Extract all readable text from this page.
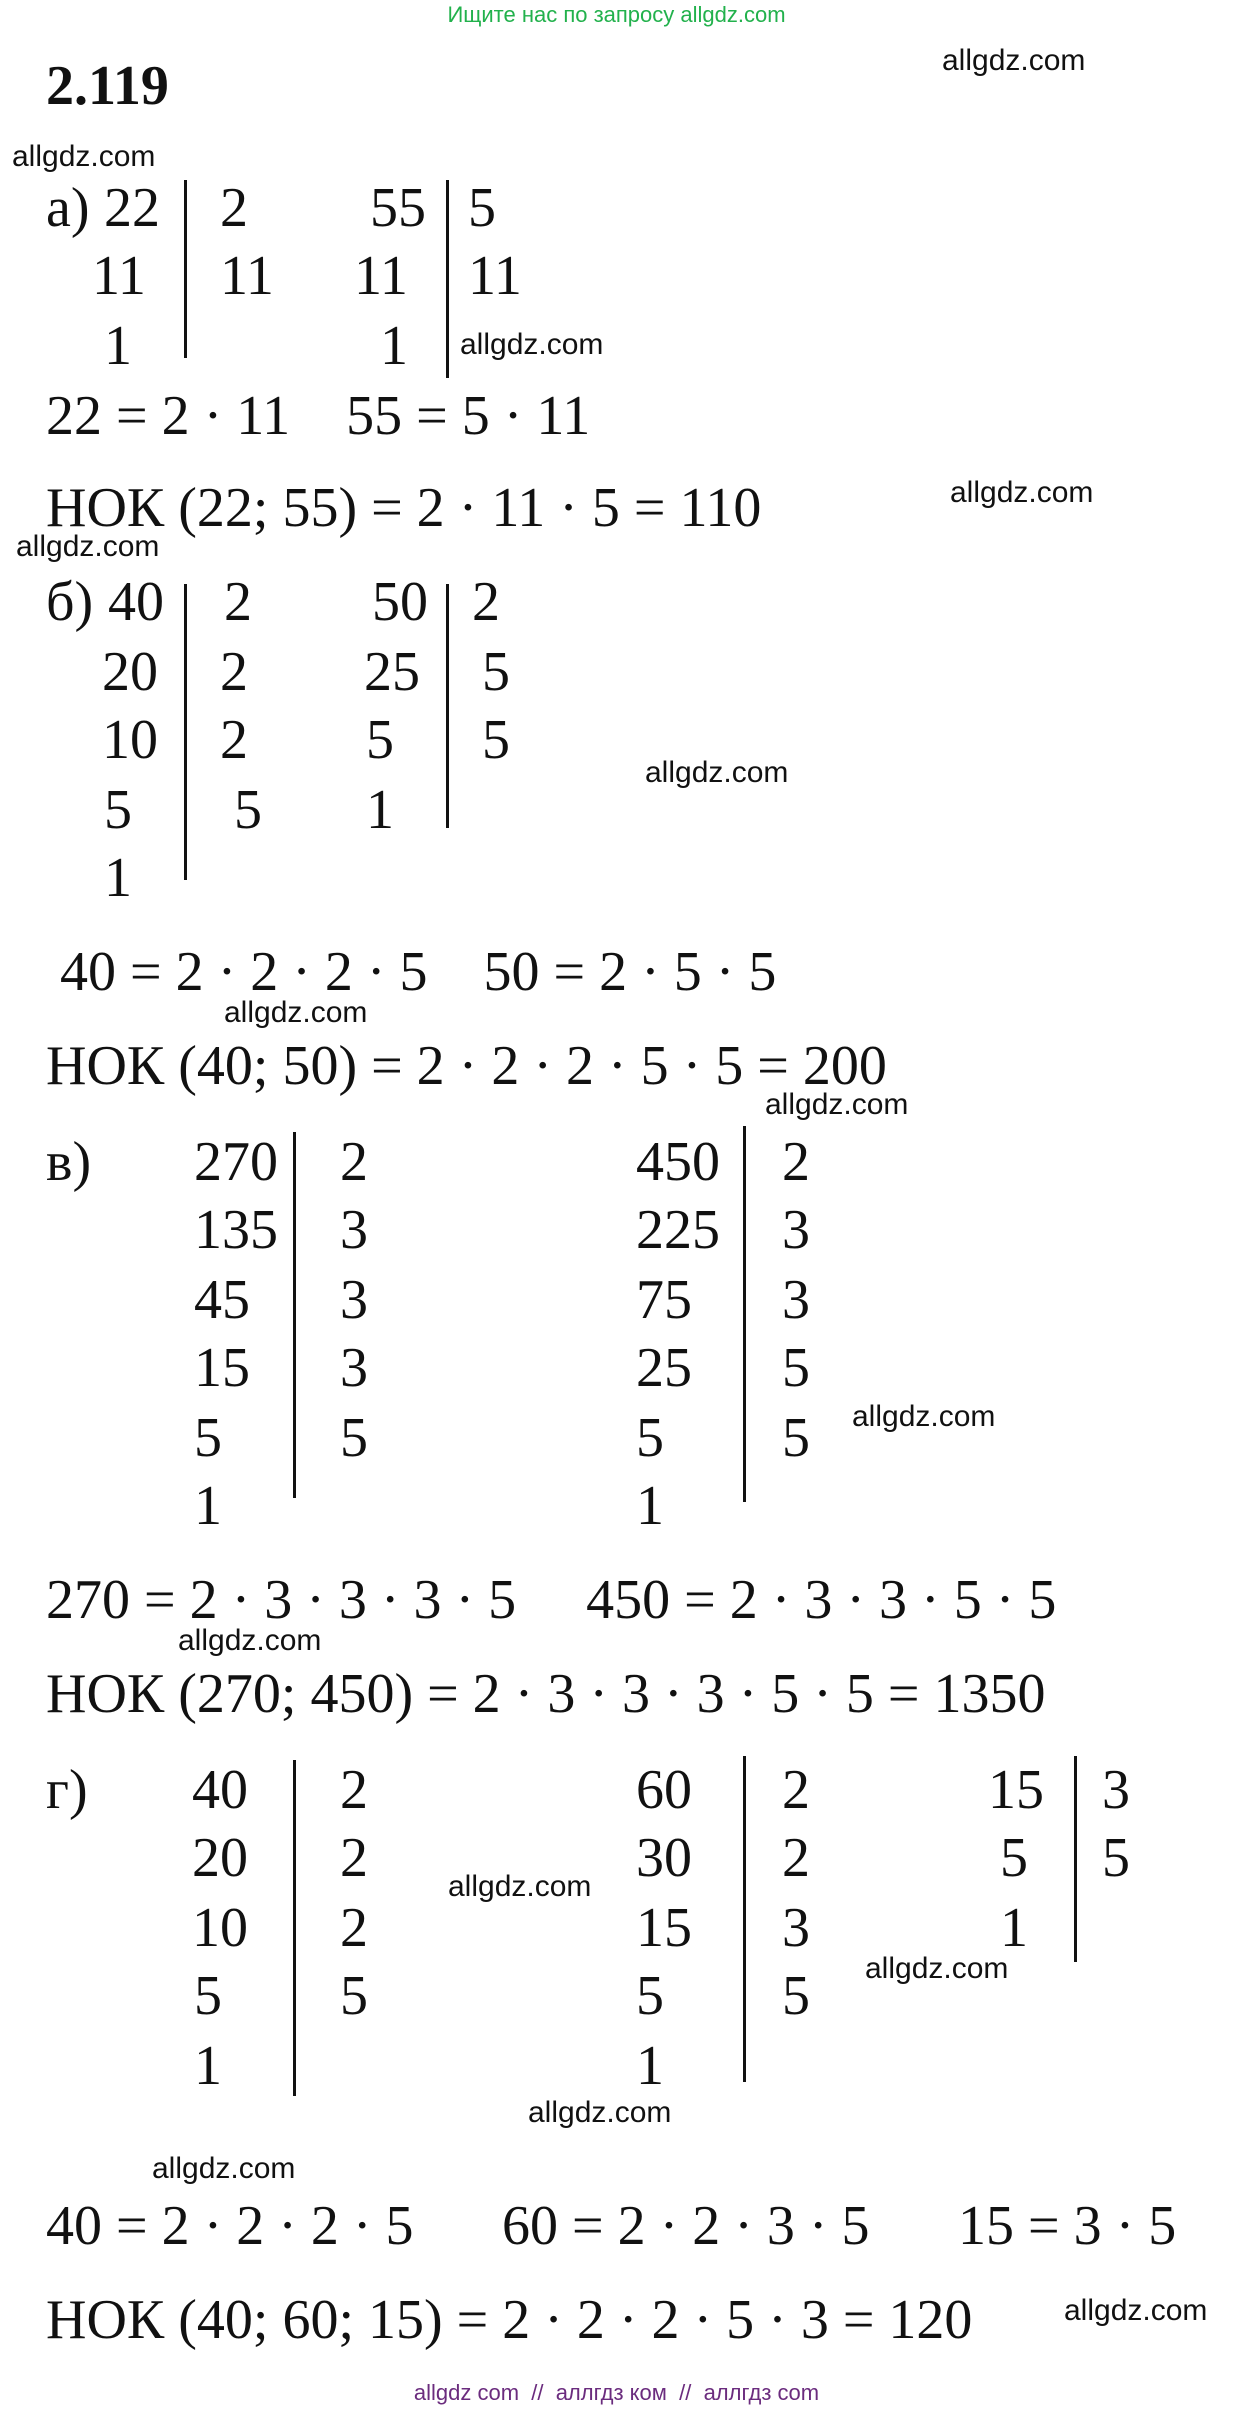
Ищите нас по запросу allgdz.com
2.119	allgdz.com
allgdz.com
allgdz.com
allgdz.com
allgdz.com
allgdz.com
allgdz.com
allgdz.com
allgdz.com
allgdz.com
allgdz.com
allgdz.com
allgdz.com
allgdz.com
allgdz.com
а) 22
11
1
2
11
55
11
1
5
11
22 = 2 · 11    55 = 5 · 11
НОК (22; 55) = 2 · 11 · 5 = 110
б) 40
20
10
5
1
2
2
2
5
50
25
5
1
2
5
5
40 = 2 · 2 · 2 · 5    50 = 2 · 5 · 5
НОК (40; 50) = 2 · 2 · 2 · 5 · 5 = 200
в) 270
135
45
15
5
1
2
3
3
3
5
450
225
75
25
5
1
2
3
3
5
5
270 = 2 · 3 · 3 · 3 · 5     450 = 2 · 3 · 3 · 5 · 5
НОК (270; 450) = 2 · 3 · 3 · 3 · 5 · 5 = 1350
г) 40
20
10
5
1
2
2
2
5
60
30
15
5
1
2
2
3
5
15
5
1
3
5
40 = 2 · 2 · 2 · 5 60 = 2 · 2 · 3 · 5 15 = 3 · 5
НОК (40; 60; 15) = 2 · 2 · 2 · 5 · 3 = 120
allgdz com  //  аллгдз ком  //  аллгдз com
